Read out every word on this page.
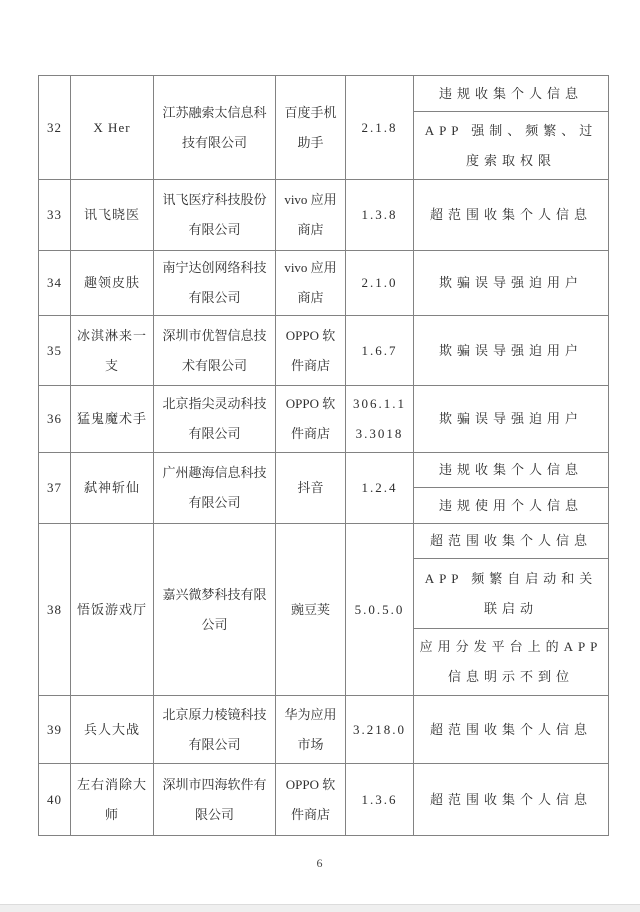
32	X Her	江苏融索太信息科技有限公司	百度手机助手	2.1.8	违规收集个人信息
					APP 强制、频繁、过度索取权限
33	讯飞晓医	讯飞医疗科技股份有限公司	vivo 应用商店	1.3.8	超范围收集个人信息
34	趣领皮肤	南宁达创网络科技有限公司	vivo 应用商店	2.1.0	欺骗误导强迫用户
35	冰淇淋来一支	深圳市优智信息技术有限公司	OPPO 软件商店	1.6.7	欺骗误导强迫用户
36	猛鬼魔术手	北京指尖灵动科技有限公司	OPPO 软件商店	306.1.13.3018	欺骗误导强迫用户
37	弑神斩仙	广州趣海信息科技有限公司	抖音	1.2.4	违规收集个人信息
					违规使用个人信息
38	悟饭游戏厅	嘉兴微梦科技有限公司	豌豆荚	5.0.5.0	超范围收集个人信息
					APP 频繁自启动和关联启动
					应用分发平台上的APP 信息明示不到位
39	兵人大战	北京原力棱镜科技有限公司	华为应用市场	3.218.0	超范围收集个人信息
40	左右消除大师	深圳市四海软件有限公司	OPPO 软件商店	1.3.6	超范围收集个人信息
6
